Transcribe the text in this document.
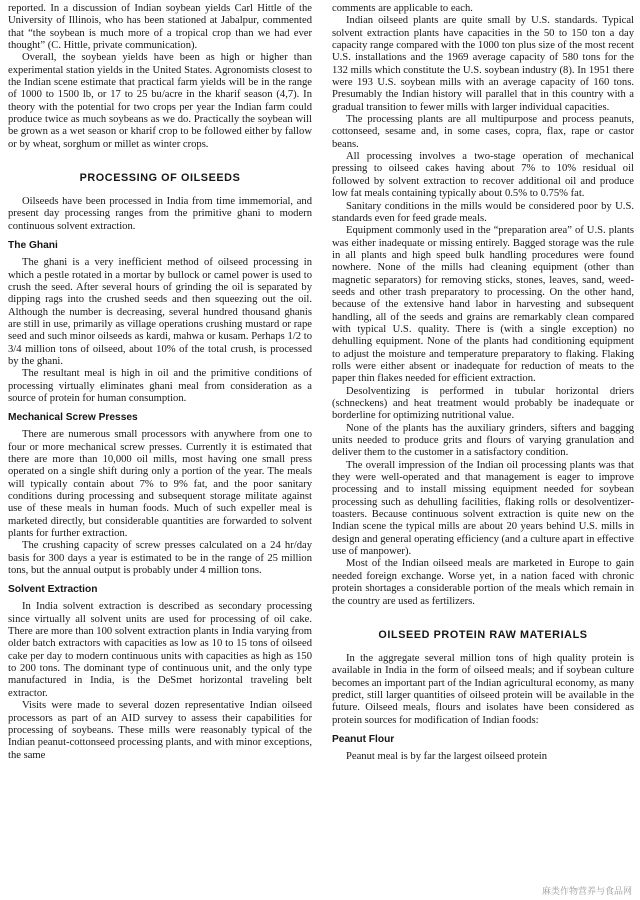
reported. In a discussion of Indian soybean yields Carl Hittle of the University of Illinois, who has been stationed at Jabalpur, commented that “the soybean is much more of a tropical crop than we had ever thought” (C. Hittle, private communication).

Overall, the soybean yields have been as high or higher than experimental station yields in the United States. Agronomists closest to the Indian scene estimate that practical farm yields will be in the range of 1000 to 1500 lb, or 17 to 25 bu/acre in the kharif season (4,7). In theory with the potential for two crops per year the Indian farm could produce twice as much soybeans as we do. Practically the soybean will be grown as a wet season or kharif crop to be followed either by fallow or by wheat, sorghum or millet as winter crops.

PROCESSING OF OILSEEDS

Oilseeds have been processed in India from time immemorial, and present day processing ranges from the primitive ghani to modern continuous solvent extraction.

The Ghani

The ghani is a very inefficient method of oilseed processing in which a pestle rotated in a mortar by bullock or camel power is used to crush the seed. After several hours of grinding the oil is separated by dipping rags into the crushed seeds and then squeezing out the oil. Although the number is decreasing, several hundred thousand ghanis are still in use, primarily as village operations crushing mustard or rape seed and such minor oilseeds as kardi, mahwa or kusam. Perhaps 1/2 to 3/4 million tons of oilseed, about 10% of the total crush, is processed by the ghani.

The resultant meal is high in oil and the primitive conditions of processing virtually eliminates ghani meal from consideration as a source of protein for human consumption.

Mechanical Screw Presses

There are numerous small processors with anywhere from one to four or more mechanical screw presses. Currently it is estimated that there are more than 10,000 oil mills, most having one small press operated on a single shift during only a portion of the year. The meals will typically contain about 7% to 9% fat, and the poor sanitary conditions during processing and subsequent storage militate against use of these meals in human foods. Much of such expeller meal is marketed directly, but considerable quantities are forwarded to solvent plants for further extraction.

The crushing capacity of screw presses calculated on a 24 hr/day basis for 300 days a year is estimated to be in the range of 25 million tons, but the annual output is probably under 4 million tons.

Solvent Extraction

In India solvent extraction is described as secondary processing since virtually all solvent units are used for processing of oil cake. There are more than 100 solvent extraction plants in India varying from older batch extractors with capacities as low as 10 to 15 tons of oilseed cake per day to modern continuous units with capacities as high as 150 to 200 tons. The dominant type of continuous unit, and the only type manufactured in India, is the DeSmet horizontal traveling belt extractor.

Visits were made to several dozen representative Indian oilseed processors as part of an AID survey to assess their capabilities for processing of soybeans. These mills were reasonably typical of the Indian peanut-cottonseed processing plants, and with minor exceptions, the same

comments are applicable to each.

Indian oilseed plants are quite small by U.S. standards. Typical solvent extraction plants have capacities in the 50 to 150 ton a day capacity range compared with the 1000 ton plus size of the most recent U.S. installations and the 1969 average capacity of 580 tons for the 132 mills which constitute the U.S. soybean industry (8). In 1951 there were 193 U.S. soybean mills with an average capacity of 160 tons. Presumably the Indian history will parallel that in this country with a gradual transition to fewer mills with larger individual capacities.

The processing plants are all multipurpose and process peanuts, cottonseed, sesame and, in some cases, copra, flax, rape or castor beans.

All processing involves a two-stage operation of mechanical pressing to oilseed cakes having about 7% to 10% residual oil followed by solvent extraction to recover additional oil and produce low fat meals containing typically about 0.5% to 0.75% fat.

Sanitary conditions in the mills would be considered poor by U.S. standards even for feed grade meals.

Equipment commonly used in the “preparation area” of U.S. plants was either inadequate or missing entirely. Bagged storage was the rule in all plants and high speed bulk handling procedures were found nowhere. None of the mills had cleaning equipment (other than magnetic separators) for removing sticks, stones, leaves, sand, weed-seeds and other trash preparatory to processing. On the other hand, because of the extensive hand labor in harvesting and subsequent handling, all of the seeds and grains are remarkably clean compared with typical U.S. quality. There is (with a single exception) no dehulling equipment. None of the plants had conditioning equipment to adjust the moisture and temperature preparatory to flaking. Flaking rolls were either absent or inadequate for reduction of meats to the paper thin flakes needed for efficient extraction.

Desolventizing is performed in tubular horizontal driers (schneckens) and heat treatment would probably be inadequate or borderline for optimizing nutritional value.

None of the plants has the auxiliary grinders, sifters and bagging units needed to produce grits and flours of varying granulation and deliver them to the customer in a satisfactory condition.

The overall impression of the Indian oil processing plants was that they were well-operated and that management is eager to improve processing and to install missing equipment needed for soybean processing such as dehulling facilities, flaking rolls or desolventizer-toasters. Because continuous solvent extraction is quite new on the Indian scene the typical mills are about 20 years behind U.S. mills in design and general operating efficiency (and a culture apart in effective use of manpower).

Most of the Indian oilseed meals are marketed in Europe to gain needed foreign exchange. Worse yet, in a nation faced with chronic protein shortages a considerable portion of the meals which remain in the country are used as fertilizers.

OILSEED PROTEIN RAW MATERIALS

In the aggregate several million tons of high quality protein is available in India in the form of oilseed meals; and if soybean culture becomes an important part of the Indian agricultural economy, as many predict, still larger quantities of oilseed protein will be available in the future. Oilseed meals, flours and isolates have been considered as protein sources for modification of Indian foods:

Peanut Flour

Peanut meal is by far the largest oilseed protein

麻类作物营养与食品网
